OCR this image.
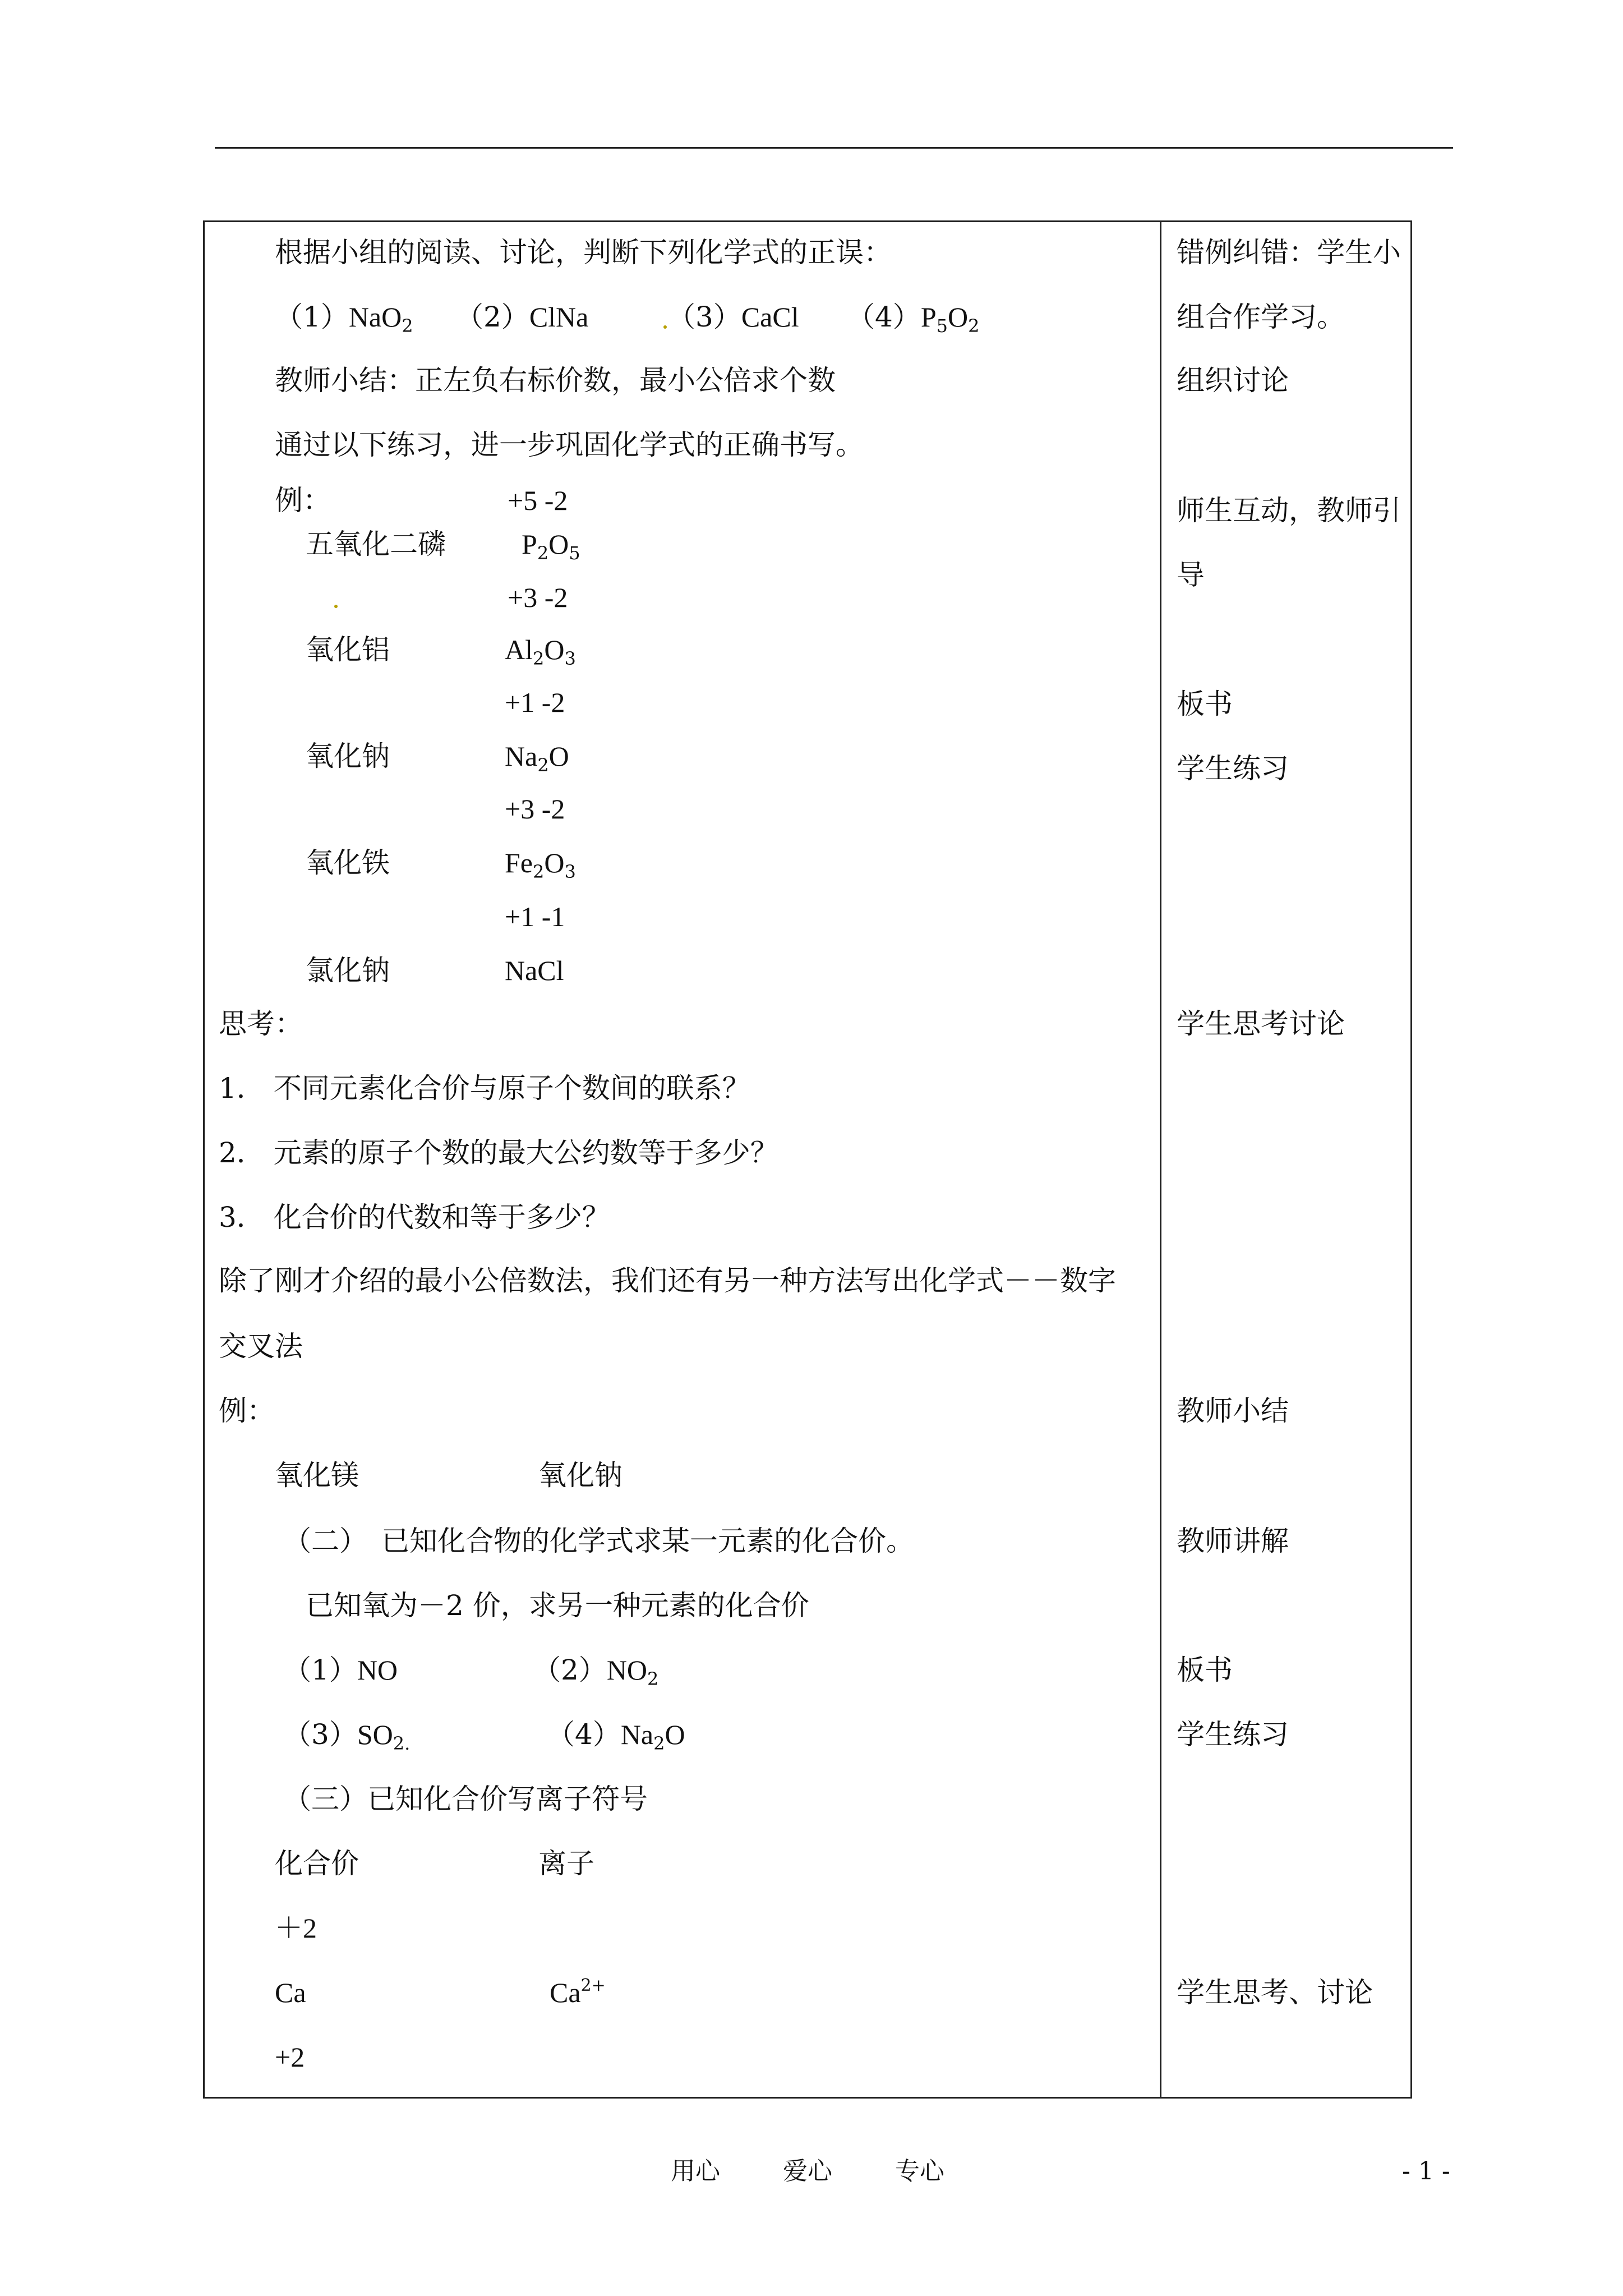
根据小组的阅读、讨论，判断下列化学式的正误：
（1）NaO$_2$ （2）ClNa	（3）CaCl $(4)P_5O_2$
教师小结：正左负右标价数，最小公倍求个数
通过以下练习，进一步巩固化学式的正确书写。
例：	+5 -2
五氧化二磷	$P_2O_5$
+3 -2
氧化铝	$Al_2O_3$
+1 -2
氧化钠	$Na_2O$
+3 -2
氧化铁	$Fe_2O_3$
+1 -1
氯化钠	NaCl
思考：
1． 不同元素化合价与原子个数间的联系？
2． 元素的原子个数的最大公约数等于多少？
3． 化合价的代数和等于多少？
除了刚才介绍的最小公倍数法，我们还有另一种方法写出化学式－－数字
交叉法
例：
氧化镁	氧化钠
（二）　已知化合物的化学式求某一元素的化合价。
已知氧为－2 价，求另一种元素的化合价
（1）NO	$(2)NO_2$
$(3)SO_{2.}$	$(4)Na_2O$
（三）已知化合价写离子符号
化合价	离子
＋2
Ca	$Ca^{2+}$
+2
错例纠错：学生小
组合作学习。
组织讨论
师生互动，教师引
导
板书
学生练习
学生思考讨论
教师小结
教师讲解
板书
学生练习
学生思考、讨论
用心	爱心	专心	- 1 -
